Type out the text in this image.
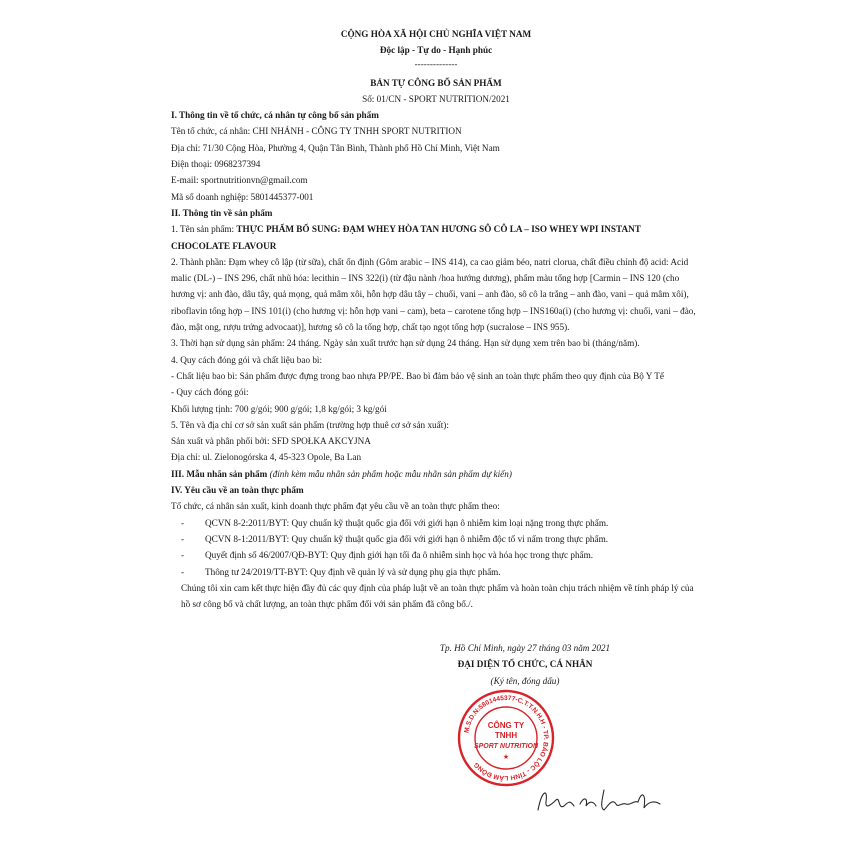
CỘNG HÒA XÃ HỘI CHỦ NGHĨA VIỆT NAM

Độc lập - Tự do - Hạnh phúc

--------------

BẢN TỰ CÔNG BỐ SẢN PHẨM

Số: 01/CN - SPORT NUTRITION/2021

I. Thông tin về tổ chức, cá nhân tự công bố sản phẩm

Tên tổ chức, cá nhân: CHI NHÁNH - CÔNG TY TNHH SPORT NUTRITION

Địa chỉ: 71/30 Cộng Hòa, Phường 4, Quận Tân Bình, Thành phố Hồ Chí Minh, Việt Nam

Điện thoại: 0968237394

E-mail: sportnutritionvn@gmail.com

Mã số doanh nghiệp: 5801445377-001

II. Thông tin về sản phẩm

1. Tên sản phẩm: THỰC PHẨM BỔ SUNG: ĐẠM WHEY HÒA TAN HƯƠNG SÔ CÔ LA – ISO WHEY WPI INSTANT CHOCOLATE FLAVOUR

2. Thành phần: Đạm whey cô lập (từ sữa), chất ổn định (Gôm arabic – INS 414), ca cao giảm béo, natri clorua, chất điều chỉnh độ acid: Acid malic (DL-) – INS 296, chất nhũ hóa: lecithin – INS 322(i) (từ đậu nành /hoa hướng dương), phẩm màu tổng hợp [Carmin – INS 120 (cho hương vị: anh đào, dâu tây, quả mọng, quả mâm xôi, hỗn hợp dâu tây – chuối, vani – anh đào, sô cô la trắng – anh đào, vani – quả mâm xôi), riboflavin tổng hợp – INS 101(i) (cho hương vị: hỗn hợp vani – cam), beta – carotene tổng hợp – INS160a(i) (cho hương vị: chuối, vani – đào, đào, mật ong, rượu trứng advocaat)], hương sô cô la tổng hợp, chất tạo ngọt tổng hợp (sucralose – INS 955).

3. Thời hạn sử dụng sản phẩm: 24 tháng. Ngày sản xuất trước hạn sử dụng 24 tháng. Hạn sử dụng xem trên bao bì (tháng/năm).

4. Quy cách đóng gói và chất liệu bao bì:

- Chất liệu bao bì: Sản phẩm được đựng trong bao nhựa PP/PE. Bao bì đảm bảo vệ sinh an toàn thực phẩm theo quy định của Bộ Y Tế

- Quy cách đóng gói:

Khối lượng tịnh: 700 g/gói; 900 g/gói; 1,8 kg/gói; 3 kg/gói

5. Tên và địa chỉ cơ sở sản xuất sản phẩm (trường hợp thuê cơ sở sản xuất):

Sản xuất và phân phối bởi: SFD SPOŁKA AKCYJNA

Địa chỉ: ul. Zielonogórska 4, 45-323 Opole, Ba Lan

III. Mẫu nhãn sản phẩm (đính kèm mẫu nhãn sản phẩm hoặc mẫu nhãn sản phẩm dự kiến)

IV. Yêu cầu về an toàn thực phẩm

Tổ chức, cá nhân sản xuất, kinh doanh thực phẩm đạt yêu cầu về an toàn thực phẩm theo:

- QCVN 8-2:2011/BYT: Quy chuẩn kỹ thuật quốc gia đối với giới hạn ô nhiễm kim loại nặng trong thực phẩm.

- QCVN 8-1:2011/BYT: Quy chuẩn kỹ thuật quốc gia đối với giới hạn ô nhiễm độc tố vi nấm trong thực phẩm.

- Quyết định số 46/2007/QĐ-BYT: Quy định giới hạn tối đa ô nhiễm sinh học và hóa học trong thực phẩm.

- Thông tư 24/2019/TT-BYT: Quy định về quản lý và sử dụng phụ gia thực phẩm.

Chúng tôi xin cam kết thực hiện đầy đủ các quy định của pháp luật về an toàn thực phẩm và hoàn toàn chịu trách nhiệm về tính pháp lý của hồ sơ công bố và chất lượng, an toàn thực phẩm đối với sản phẩm đã công bố./.

Tp. Hồ Chí Minh, ngày 27 tháng 03 năm 2021
ĐẠI DIỆN TỔ CHỨC, CÁ NHÂN
(Ký tên, đóng dấu)
M.S.D.N:5801445377-C.T.T.N.H.H - TP. BẢO LỘC - TỈNH LÂM ĐỒNG
CÔNG TY
TNHH
SPORT NUTRITION
★
